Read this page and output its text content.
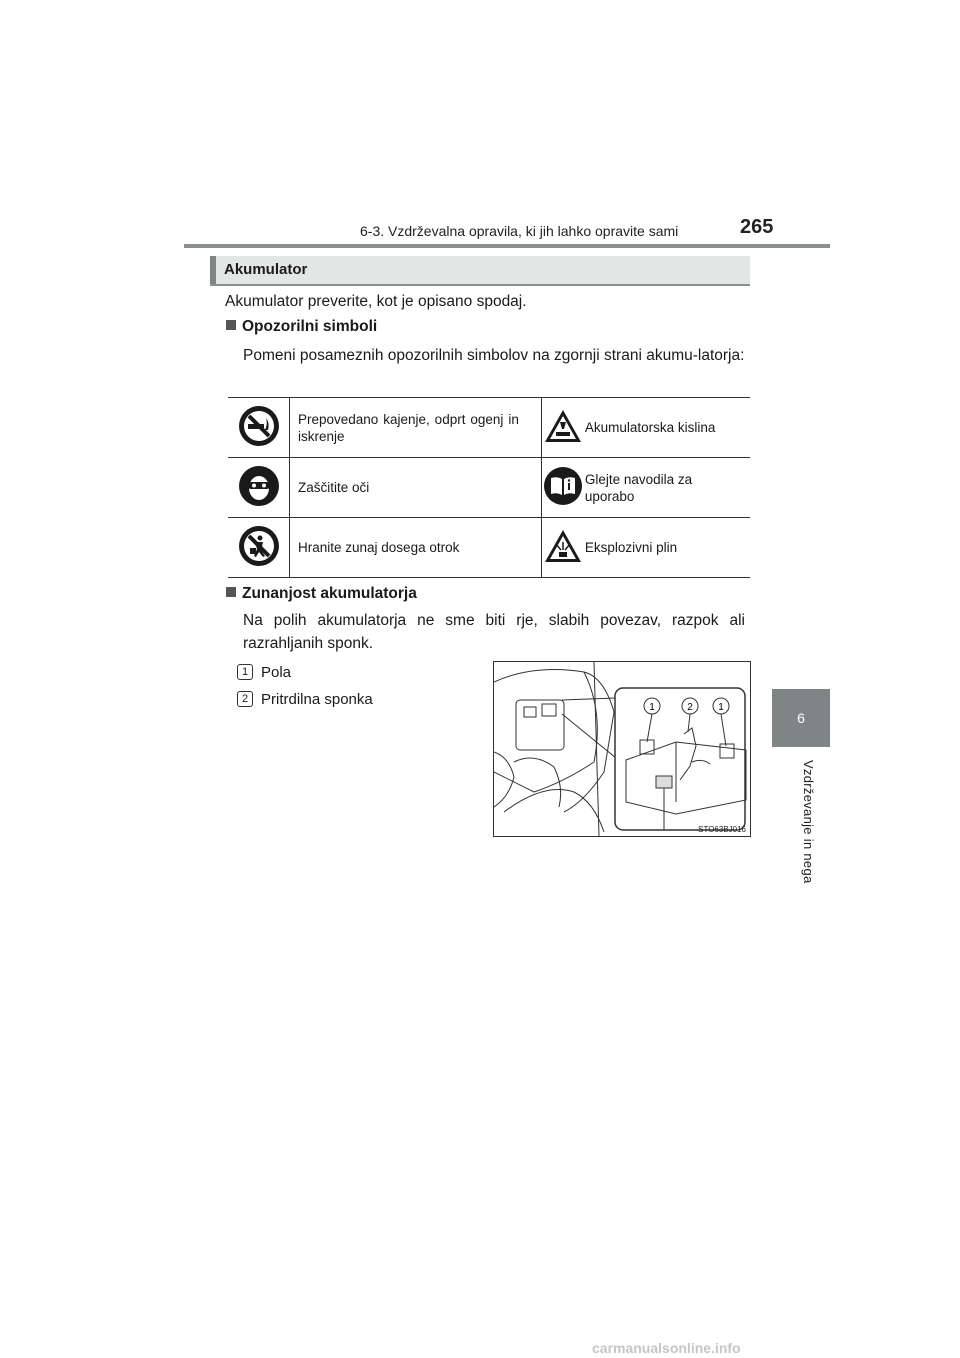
6-3. Vzdrževalna opravila, ki jih lahko opravite sami	265
6
Vzdrževanje in nega
Akumulator
Akumulator preverite, kot je opisano spodaj.
Opozorilni simboli
Pomeni posameznih opozorilnih simbolov na zgornji strani akumu-latorja:
	Prepovedano kajenje, odprt ogenj in iskrenje		Akumulatorska kislina
	Zaščitite oči		Glejte navodila za uporabo
	Hranite zunaj dosega otrok		Eksplozivni plin
Zunanjost akumulatorja
Na polih akumulatorja ne sme biti rje, slabih povezav, razpok ali razrahljanih sponk.
1 Pola
2 Pritrdilna sponka	1	2	1
STO63BJ016
carmanualsonline.info
